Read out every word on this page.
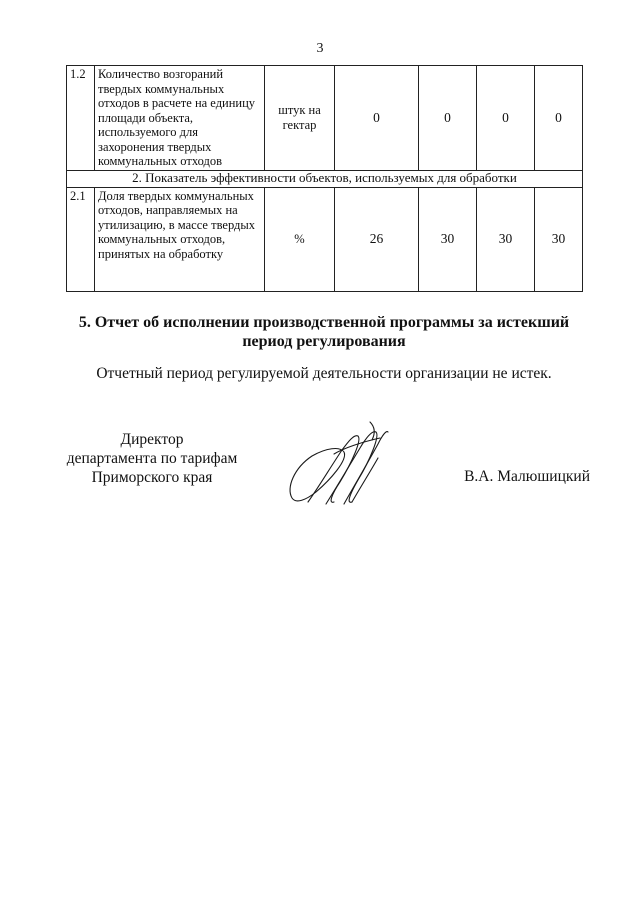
3
1.2	Количество возгораний твердых коммунальных отходов в расчете на единицу площади объекта, используемого для захоронения твердых коммунальных отходов	штук на гектар	0	0	0	0
2. Показатель эффективности объектов, используемых для обработки						
2.1	Доля твердых коммунальных отходов, направляемых на утилизацию, в массе твердых коммунальных отходов, принятых на обработку	%	26	30	30	30
5. Отчет об исполнении производственной программы за истекший период регулирования
Отчетный период регулируемой деятельности организации не истек.
Директор
департамента по тарифам
Приморского края	В.А. Малюшицкий
